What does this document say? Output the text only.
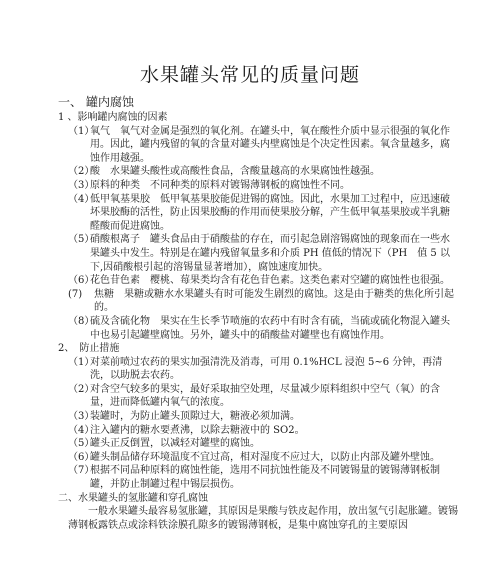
水果罐头常见的质量问题
一、 罐内腐蚀
1 、影响罐内腐蚀的因素
（1）
氧气　氧气对金属是强烈的氧化剂。在罐头中，氧在酸性介质中显示很强的氧化作用。因此，罐内残留的氧的含量对罐头内壁腐蚀是个决定性因素。氧含量越多，腐蚀作用越强。
（2）
酸　水果罐头酸性或高酸性食品，含酸量越高的水果腐蚀性越强。
（3）
原料的种类　不同种类的原料对镀锡薄钢板的腐蚀性不同。
（4）
低甲氧基果胶　低甲氧基果胶能促进锡的腐蚀。因此，水果加工过程中，应迅速破坏果胶酶的活性，防止因果胶酶的作用而使果胶分解，产生低甲氧基果胶或半乳糖醛酸而促进腐蚀。
（5）
硝酸根离子　罐头食品由于硝酸盐的存在，而引起急剧溶锡腐蚀的现象而在一些水果罐头中发生。特别是在罐内残留氧量多和介质 PH 值低的情况下（PH　值 5 以下,因硝酸根引起的溶锡量显著增加），腐蚀速度加快。
（6）
花色苷色素　樱桃、莓果类均含有花色苷色素。这类色素对空罐的腐蚀性也很强。
(7)	焦糖　果糖或糖水水果罐头有时可能发生剧烈的腐蚀。这是由于糖类的焦化所引起的。
（8）
硫及含硫化物　果实在生长季节喷施的农药中有时含有硫，当硫或硫化物混入罐头中也易引起罐壁腐蚀。另外，罐头中的硝酸盐对罐壁也有腐蚀作用。
2、　防止措施
（1）
对菜前喷过农药的果实加强清洗及消毒，可用 0.1%HCL 浸泡 5~6 分钟，再清洗，以助脱去农药。
（2）
对含空气较多的果实，最好采取抽空处理，尽量减少原料组织中空气（氧）的含量，进而降低罐内氧气的浓度。
（3）
装罐时，为防止罐头顶隙过大，糖液必须加满。
（4）
注入罐内的糖水要煮沸，以除去糖液中的 SO2。
（5）
罐头正反倒置，以减轻对罐壁的腐蚀。
（6）
罐头制品储存环境温度不宜过高，相对湿度不应过大，以防止内部及罐外壁蚀。
（7）
根据不同品种原料的腐蚀性能，选用不同抗蚀性能及不同镀锡量的镀锡薄钢板制罐，并防止制罐过程中锡层损伤。
二、水果罐头的氢胀罐和穿孔腐蚀
一般水果罐头最容易氢胀罐，其原因是果酸与铁皮起作用，放出氢气引起胀罐。镀锡薄钢板露铁点或涂料铁涂膜孔隙多的镀锡薄钢板，是集中腐蚀穿孔的主要原因
